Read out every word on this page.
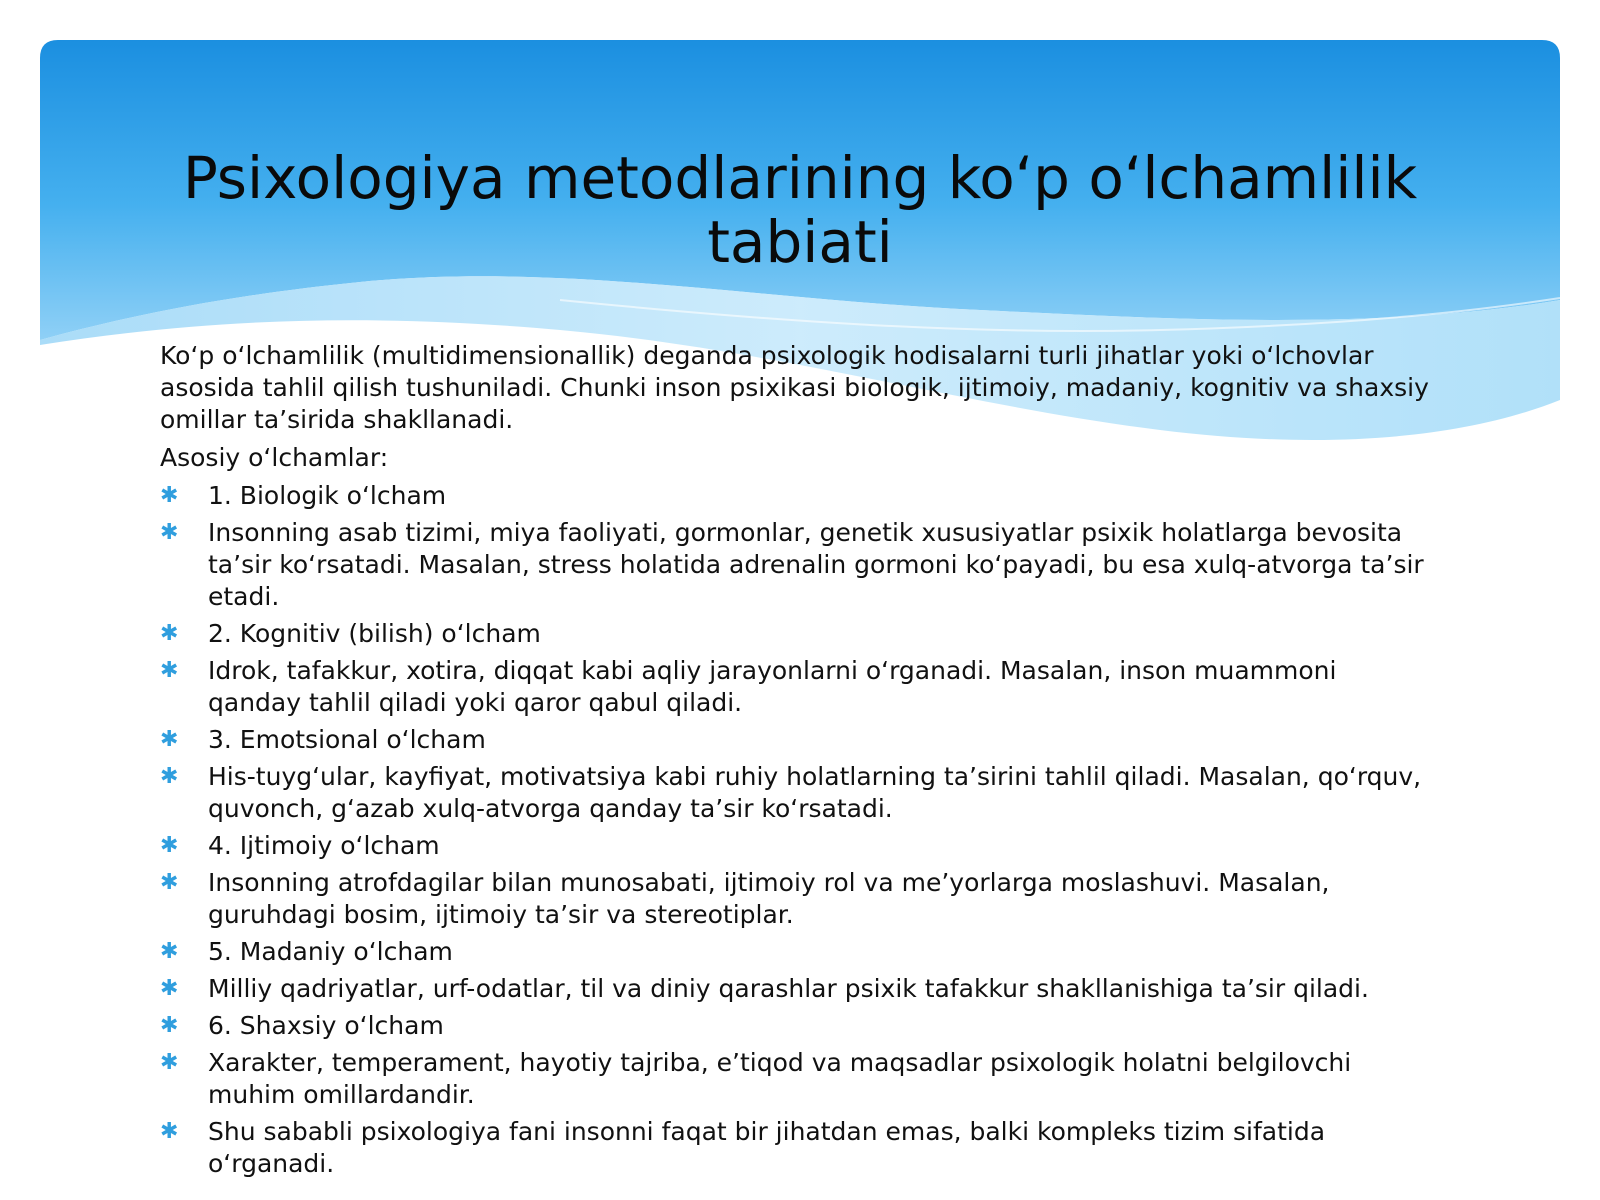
Psixologiya metodlarining ko‘p o‘lchamlilik tabiati

Ko‘p o‘lchamlilik (multidimensionallik) deganda psixologik hodisalarni turli jihatlar yoki o‘lchovlar asosida tahlil qilish tushuniladi. Chunki inson psixikasi biologik, ijtimoiy, madaniy, kognitiv va shaxsiy omillar ta’sirida shakllanadi.

Asosiy o‘lchamlar:

✱ 1. Biologik o‘lcham
✱ Insonning asab tizimi, miya faoliyati, gormonlar, genetik xususiyatlar psixik holatlarga bevosita ta’sir ko‘rsatadi. Masalan, stress holatida adrenalin gormoni ko‘payadi, bu esa xulq-atvorga ta’sir etadi.
✱ 2. Kognitiv (bilish) o‘lcham
✱ Idrok, tafakkur, xotira, diqqat kabi aqliy jarayonlarni o‘rganadi. Masalan, inson muammoni qanday tahlil qiladi yoki qaror qabul qiladi.
✱ 3. Emotsional o‘lcham
✱ His-tuyg‘ular, kayfiyat, motivatsiya kabi ruhiy holatlarning ta’sirini tahlil qiladi. Masalan, qo‘rquv, quvonch, g‘azab xulq-atvorga qanday ta’sir ko‘rsatadi.
✱ 4. Ijtimoiy o‘lcham
✱ Insonning atrofdagilar bilan munosabati, ijtimoiy rol va me’yorlarga moslashuvi. Masalan, guruhdagi bosim, ijtimoiy ta’sir va stereotiplar.
✱ 5. Madaniy o‘lcham
✱ Milliy qadriyatlar, urf-odatlar, til va diniy qarashlar psixik tafakkur shakllanishiga ta’sir qiladi.
✱ 6. Shaxsiy o‘lcham
✱ Xarakter, temperament, hayotiy tajriba, e’tiqod va maqsadlar psixologik holatni belgilovchi muhim omillardandir.
✱ Shu sababli psixologiya fani insonni faqat bir jihatdan emas, balki kompleks tizim sifatida o‘rganadi.
